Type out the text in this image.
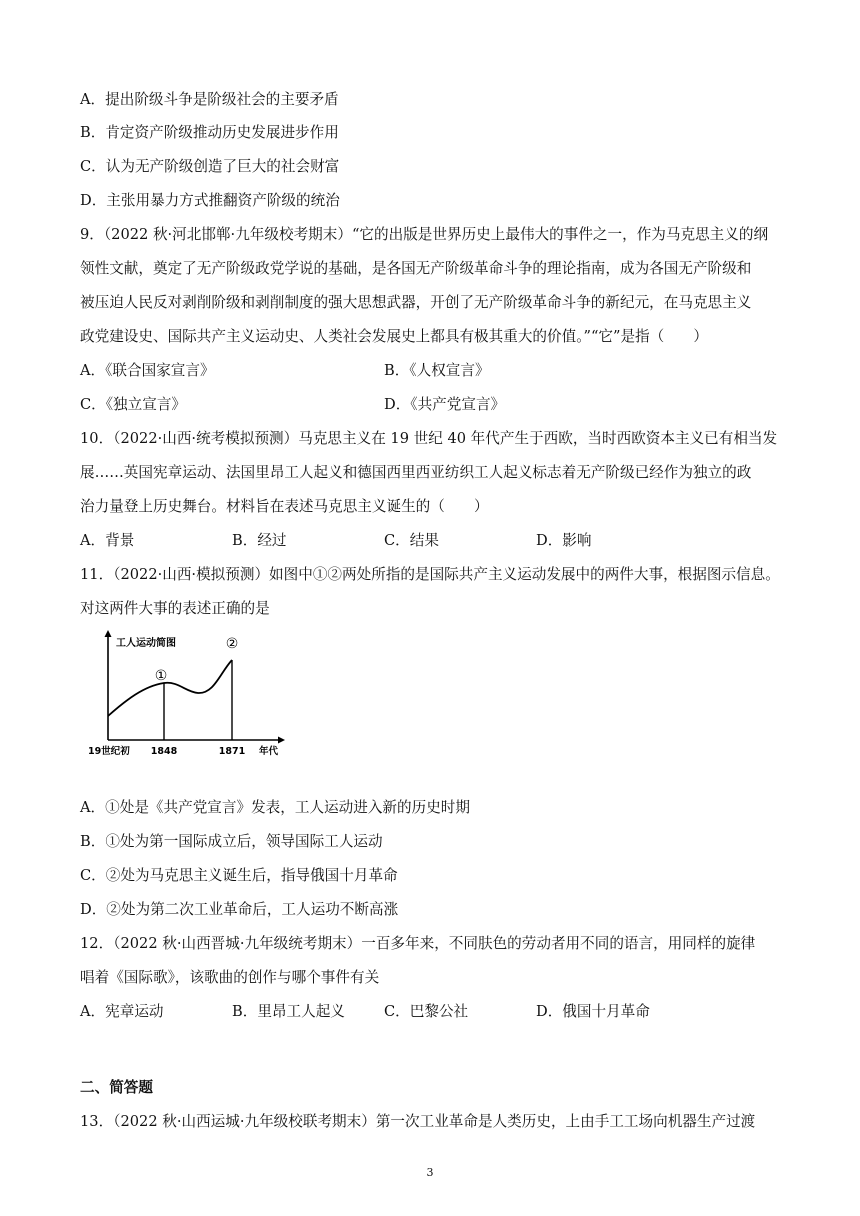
A．提出阶级斗争是阶级社会的主要矛盾
B．肯定资产阶级推动历史发展进步作用
C．认为无产阶级创造了巨大的社会财富
D．主张用暴力方式推翻资产阶级的统治
9．（2022 秋·河北邯郸·九年级校考期末）“它的出版是世界历史上最伟大的事件之一，作为马克思主义的纲
领性文献，奠定了无产阶级政党学说的基础，是各国无产阶级革命斗争的理论指南，成为各国无产阶级和
被压迫人民反对剥削阶级和剥削制度的强大思想武器，开创了无产阶级革命斗争的新纪元，在马克思主义
政党建设史、国际共产主义运动史、人类社会发展史上都具有极其重大的价值。”“它”是指（　　）
A．《联合国家宣言》	B．《人权宣言》
C．《独立宣言》	D．《共产党宣言》
10．（2022·山西·统考模拟预测）马克思主义在 19 世纪 40 年代产生于西欧，当时西欧资本主义已有相当发
展……英国宪章运动、法国里昂工人起义和德国西里西亚纺织工人起义标志着无产阶级已经作为独立的政
治力量登上历史舞台。材料旨在表述马克思主义诞生的（　　）
A．背景	B．经过	C．结果	D．影响
11．（2022·山西·模拟预测）如图中①②两处所指的是国际共产主义运动发展中的两件大事，根据图示信息。
对这两件大事的表述正确的是
工人运动简图
①
②
19世纪初 1848	1871 年代
A．①处是《共产党宣言》发表，工人运动进入新的历史时期
B．①处为第一国际成立后，领导国际工人运动
C．②处为马克思主义诞生后，指导俄国十月革命
D．②处为第二次工业革命后，工人运功不断高涨
12．（2022 秋·山西晋城·九年级统考期末）一百多年来，不同肤色的劳动者用不同的语言，用同样的旋律
唱着《国际歌》，该歌曲的创作与哪个事件有关
A．宪章运动	B．里昂工人起义	C．巴黎公社	D．俄国十月革命
二、简答题
13．（2022 秋·山西运城·九年级校联考期末）第一次工业革命是人类历史，上由手工工场向机器生产过渡
3
